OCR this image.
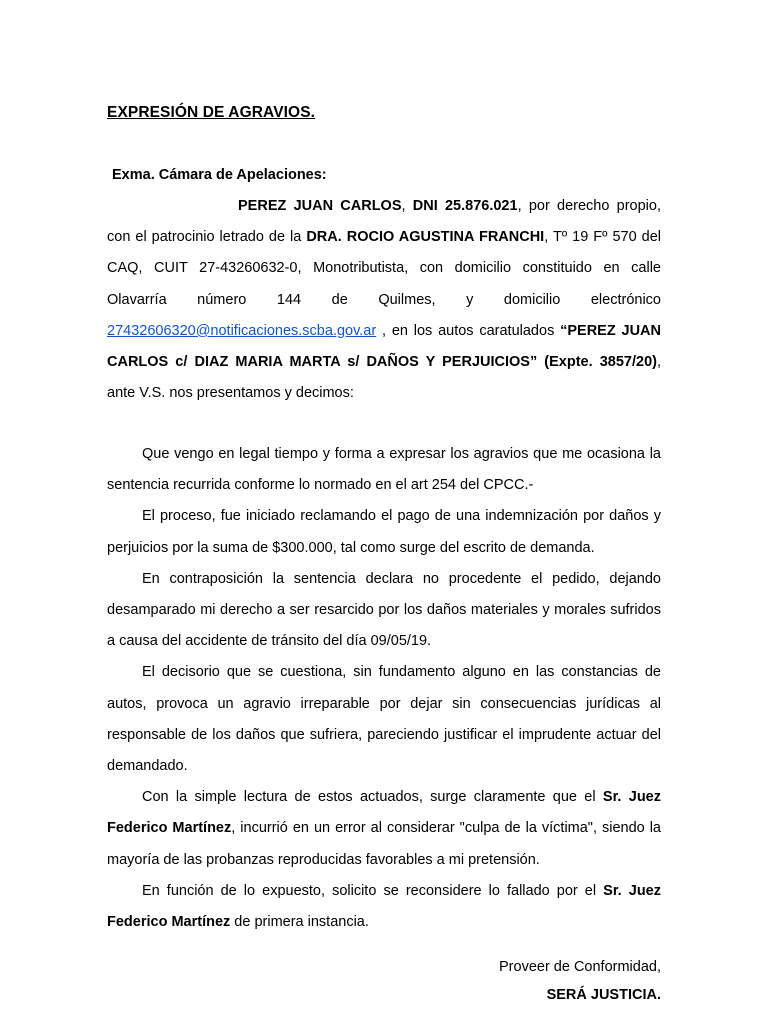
EXPRESIÓN DE AGRAVIOS.
Exma. Cámara de Apelaciones:
PEREZ JUAN CARLOS, DNI 25.876.021, por derecho propio, con el patrocinio letrado de la DRA. ROCIO AGUSTINA FRANCHI, Tº 19 Fº 570 del CAQ, CUIT 27-43260632-0, Monotributista, con domicilio constituido en calle Olavarría número 144 de Quilmes, y domicilio electrónico 27432606320@notificaciones.scba.gov.ar , en los autos caratulados “PEREZ JUAN CARLOS c/ DIAZ MARIA MARTA s/ DAÑOS Y PERJUICIOS” (Expte. 3857/20), ante V.S. nos presentamos y decimos:

Que vengo en legal tiempo y forma a expresar los agravios que me ocasiona la sentencia recurrida conforme lo normado en el art 254 del CPCC.-

El proceso, fue iniciado reclamando el pago de una indemnización por daños y perjuicios por la suma de $300.000, tal como surge del escrito de demanda.

En contraposición la sentencia declara no procedente el pedido, dejando desamparado mi derecho a ser resarcido por los daños materiales y morales sufridos a causa del accidente de tránsito del día 09/05/19.

El decisorio que se cuestiona, sin fundamento alguno en las constancias de autos, provoca un agravio irreparable por dejar sin consecuencias jurídicas al responsable de los daños que sufriera, pareciendo justificar el imprudente actuar del demandado.

Con la simple lectura de estos actuados, surge claramente que el Sr. Juez Federico Martínez, incurrió en un error al considerar "culpa de la víctima", siendo la mayoría de las probanzas reproducidas favorables a mi pretensión.

En función de lo expuesto, solicito se reconsidere lo fallado por el Sr. Juez Federico Martínez de primera instancia.

Proveer de Conformidad,
SERÁ JUSTICIA.
